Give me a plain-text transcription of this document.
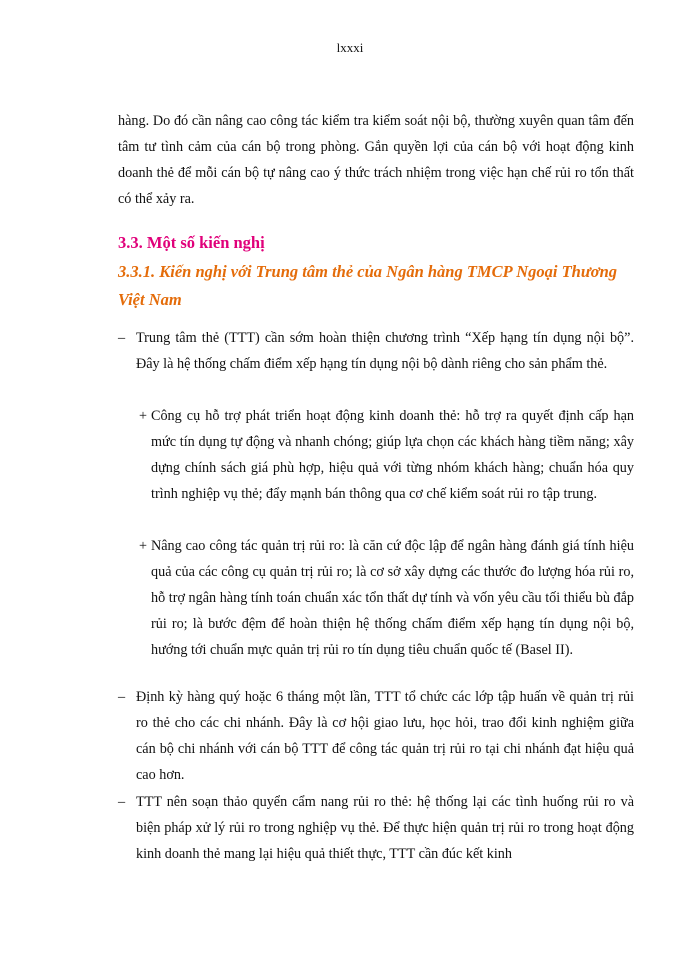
lxxxi

hàng. Do đó cần nâng cao công tác kiểm tra kiểm soát nội bộ, thường xuyên quan tâm đến tâm tư tình cảm của cán bộ trong phòng. Gắn quyền lợi của cán bộ với hoạt động kinh doanh thẻ để mỗi cán bộ tự nâng cao ý thức trách nhiệm trong việc hạn chế rủi ro tổn thất có thể xảy ra.

3.3. Một số kiến nghị
3.3.1. Kiến nghị với Trung tâm thẻ của Ngân hàng TMCP Ngoại Thương Việt Nam
– Trung tâm thẻ (TTT) cần sớm hoàn thiện chương trình “Xếp hạng tín dụng nội bộ”. Đây là hệ thống chấm điểm xếp hạng tín dụng nội bộ dành riêng cho sản phẩm thẻ.

+ Công cụ hỗ trợ phát triển hoạt động kinh doanh thẻ: hỗ trợ ra quyết định cấp hạn mức tín dụng tự động và nhanh chóng; giúp lựa chọn các khách hàng tiềm năng; xây dựng chính sách giá phù hợp, hiệu quả với từng nhóm khách hàng; chuẩn hóa quy trình nghiệp vụ thẻ; đẩy mạnh bán thông qua cơ chế kiểm soát rủi ro tập trung.

+ Nâng cao công tác quản trị rủi ro: là căn cứ độc lập để ngân hàng đánh giá tính hiệu quả của các công cụ quản trị rủi ro; là cơ sở xây dựng các thước đo lượng hóa rủi ro, hỗ trợ ngân hàng tính toán chuẩn xác tổn thất dự tính và vốn yêu cầu tối thiểu bù đắp rủi ro; là bước đệm để hoàn thiện hệ thống chấm điểm xếp hạng tín dụng nội bộ, hướng tới chuẩn mực quản trị rủi ro tín dụng tiêu chuẩn quốc tế (Basel II).

– Định kỳ hàng quý hoặc 6 tháng một lần, TTT tổ chức các lớp tập huấn về quản trị rủi ro thẻ cho các chi nhánh. Đây là cơ hội giao lưu, học hỏi, trao đổi kinh nghiệm giữa cán bộ chi nhánh với cán bộ TTT để công tác quản trị rủi ro tại chi nhánh đạt hiệu quả cao hơn.

– TTT nên soạn thảo quyển cẩm nang rủi ro thẻ: hệ thống lại các tình huống rủi ro và biện pháp xử lý rủi ro trong nghiệp vụ thẻ. Để thực hiện quản trị rủi ro trong hoạt động kinh doanh thẻ mang lại hiệu quả thiết thực, TTT cần đúc kết kinh
